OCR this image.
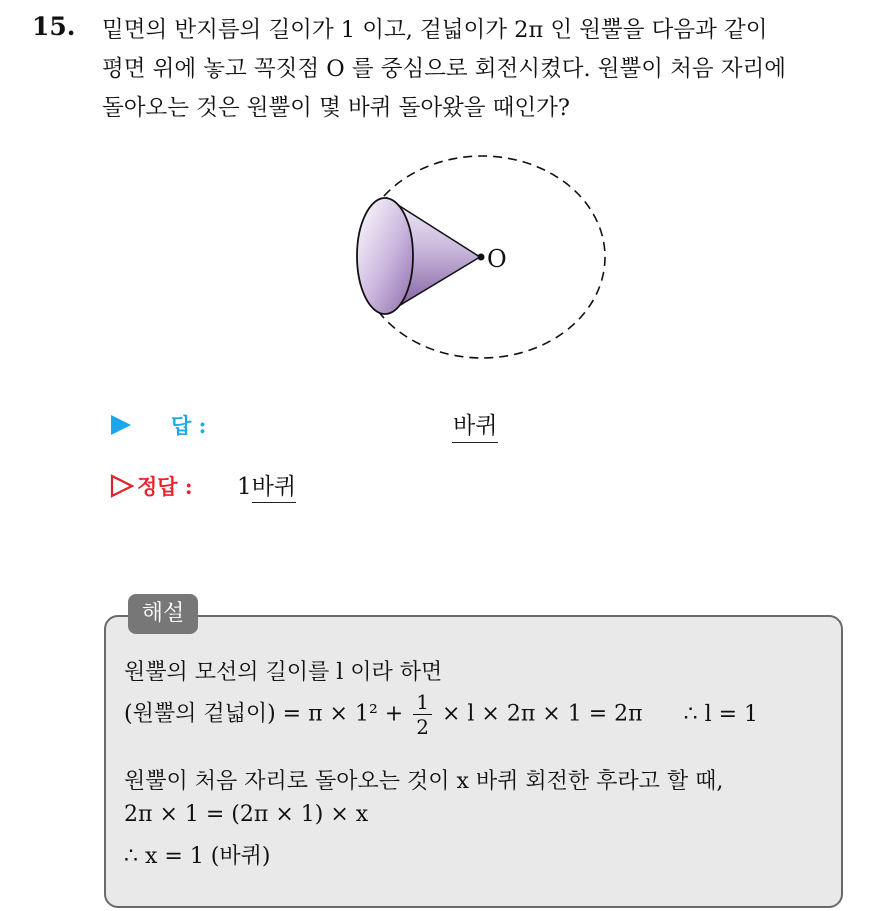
15. 밑면의 반지름의 길이가 1 이고, 겉넓이가 2π 인 원뿔을 다음과 같이
평면 위에 놓고 꼭짓점 O 를 중심으로 회전시켰다. 원뿔이 처음 자리에
돌아오는 것은 원뿔이 몇 바퀴 돌아왔을 때인가?
O
답 :	바퀴
정답 : 1바퀴
해설
원뿔의 모선의 길이를 l 이라 하면
(원뿔의 겉넓이) = $\pi \times 1^2 + \frac{1}{2} \times l \times 2\pi \times 1 = 2\pi$ ∴ l = 1
원뿔이 처음 자리로 돌아오는 것이 x 바퀴 회전한 후라고 할 때,
2π × 1 = (2π × 1) × x
∴ x = 1 (바퀴)
